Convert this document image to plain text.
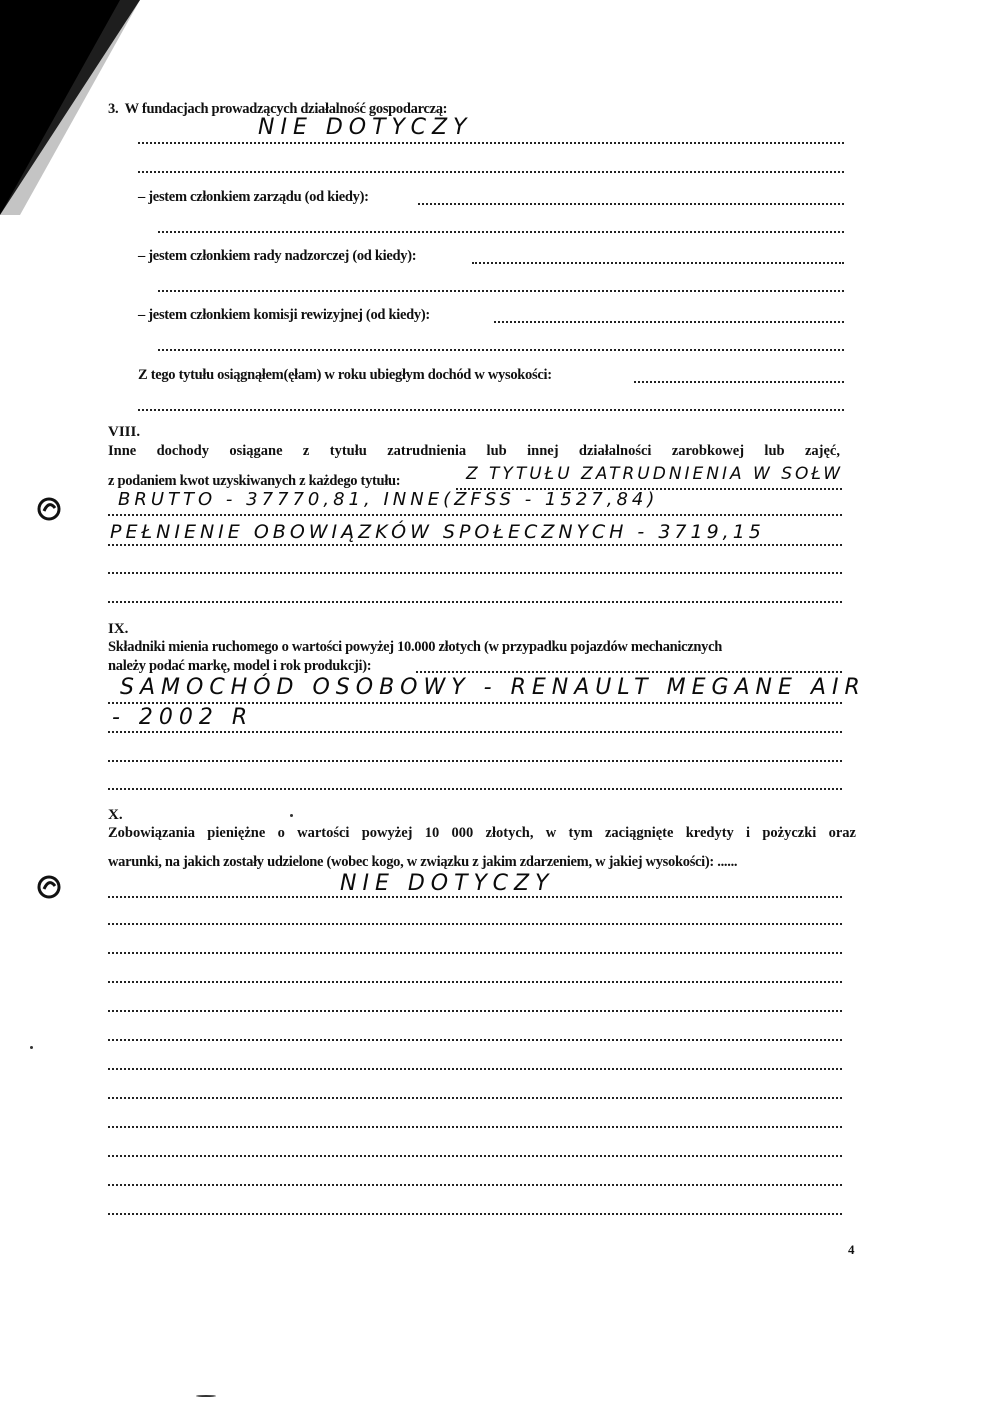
3. W fundacjach prowadzących działalność gospodarczą:
NIE DOTYCZY
– jestem członkiem zarządu (od kiedy):
– jestem członkiem rady nadzorczej (od kiedy):
– jestem członkiem komisji rewizyjnej (od kiedy):
Z tego tytułu osiągnąłem(ęłam) w roku ubiegłym dochód w wysokości:
VIII.
Inne dochody osiągane z tytułu zatrudnienia lub innej działalności zarobkowej lub zajęć,
z podaniem kwot uzyskiwanych z każdego tytułu:	Z TYTUŁU ZATRUDNIENIA W SOŁW
BRUTTO - 37770,81, INNE(ZFSS - 1527,84)
PEŁNIENIE OBOWIĄZKÓW SPOŁECZNYCH - 3719,15
IX.
Składniki mienia ruchomego o wartości powyżej 10.000 złotych (w przypadku pojazdów mechanicznych
należy podać markę, model i rok produkcji):
SAMOCHÓD OSOBOWY - RENAULT MEGANE AIR
- 2002 R
X.
Zobowiązania pieniężne o wartości powyżej 10 000 złotych, w tym zaciągnięte kredyty i pożyczki oraz
warunki, na jakich zostały udzielone (wobec kogo, w związku z jakim zdarzeniem, w jakiej wysokości): ......
NIE DOTYCZY
4
